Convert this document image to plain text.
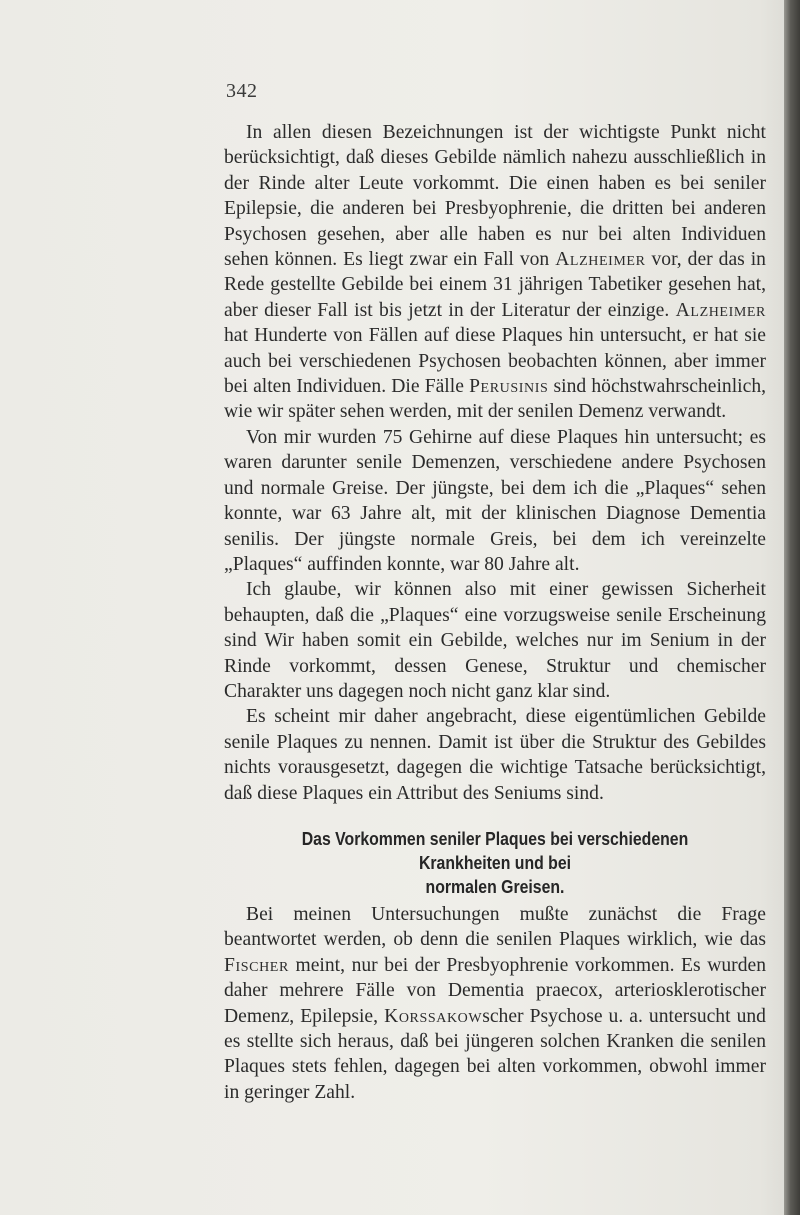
342

In allen diesen Bezeichnungen ist der wichtigste Punkt nicht berücksichtigt, daß dieses Gebilde nämlich nahezu ausschließlich in der Rinde alter Leute vorkommt. Die einen haben es bei seniler Epilepsie, die anderen bei Presbyophrenie, die dritten bei anderen Psychosen gesehen, aber alle haben es nur bei alten Individuen sehen können. Es liegt zwar ein Fall von Alzheimer vor, der das in Rede gestellte Gebilde bei einem 31 jährigen Tabetiker gesehen hat, aber dieser Fall ist bis jetzt in der Literatur der einzige. Alzheimer hat Hunderte von Fällen auf diese Plaques hin untersucht, er hat sie auch bei verschiedenen Psychosen beobachten können, aber immer bei alten Individuen. Die Fälle Perusinis sind höchstwahrscheinlich, wie wir später sehen werden, mit der senilen Demenz verwandt.

Von mir wurden 75 Gehirne auf diese Plaques hin untersucht; es waren darunter senile Demenzen, verschiedene andere Psychosen und normale Greise. Der jüngste, bei dem ich die „Plaques“ sehen konnte, war 63 Jahre alt, mit der klinischen Diagnose Dementia senilis. Der jüngste normale Greis, bei dem ich vereinzelte „Plaques“ auffinden konnte, war 80 Jahre alt.

Ich glaube, wir können also mit einer gewissen Sicherheit behaupten, daß die „Plaques“ eine vorzugsweise senile Erscheinung sind Wir haben somit ein Gebilde, welches nur im Senium in der Rinde vorkommt, dessen Genese, Struktur und chemischer Charakter uns dagegen noch nicht ganz klar sind.

Es scheint mir daher angebracht, diese eigentümlichen Gebilde senile Plaques zu nennen. Damit ist über die Struktur des Gebildes nichts vorausgesetzt, dagegen die wichtige Tatsache berücksichtigt, daß diese Plaques ein Attribut des Seniums sind.

Das Vorkommen seniler Plaques bei verschiedenen Krankheiten und bei
normalen Greisen.

Bei meinen Untersuchungen mußte zunächst die Frage beantwortet werden, ob denn die senilen Plaques wirklich, wie das Fischer meint, nur bei der Presbyophrenie vorkommen. Es wurden daher mehrere Fälle von Dementia praecox, arteriosklerotischer Demenz, Epilepsie, Korssakowscher Psychose u. a. untersucht und es stellte sich heraus, daß bei jüngeren solchen Kranken die senilen Plaques stets fehlen, dagegen bei alten vorkommen, obwohl immer in geringer Zahl.
